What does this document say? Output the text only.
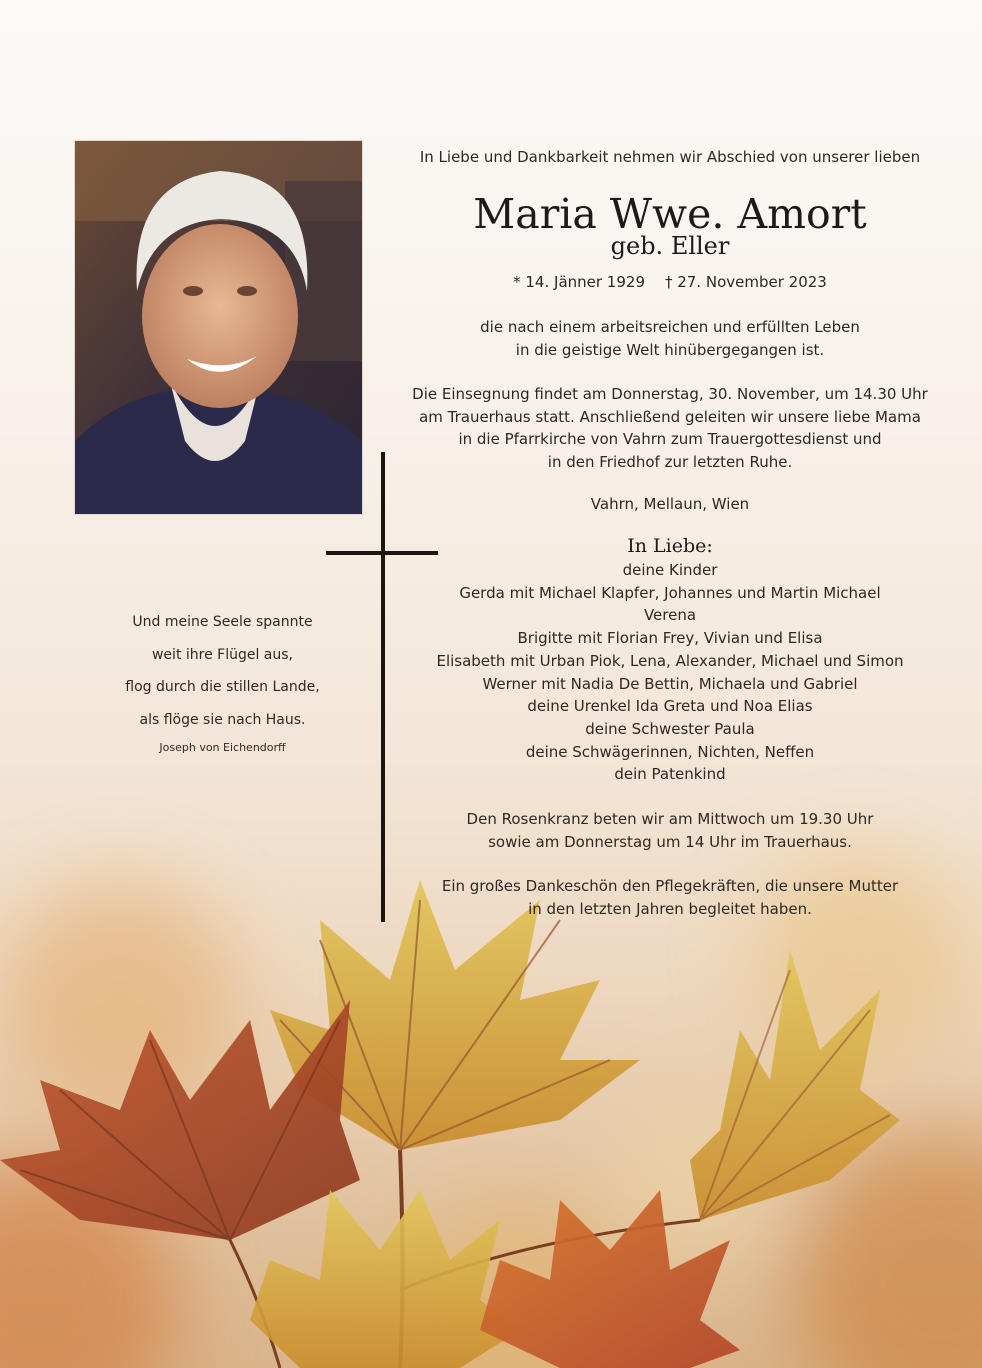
Und meine Seele spannte
weit ihre Flügel aus,
flog durch die stillen Lande,
als flöge sie nach Haus.
Joseph von Eichendorff
In Liebe und Dankbarkeit nehmen wir Abschied von unserer lieben
Maria Wwe. Amort
geb. Eller
* 14. Jänner 1929 † 27. November 2023
die nach einem arbeitsreichen und erfüllten Leben
in die geistige Welt hinübergegangen ist.
Die Einsegnung findet am Donnerstag, 30. November, um 14.30 Uhr
am Trauerhaus statt. Anschließend geleiten wir unsere liebe Mama
in die Pfarrkirche von Vahrn zum Trauergottesdienst und
in den Friedhof zur letzten Ruhe.
Vahrn, Mellaun, Wien
In Liebe:
deine Kinder
Gerda mit Michael Klapfer, Johannes und Martin Michael
Verena
Brigitte mit Florian Frey, Vivian und Elisa
Elisabeth mit Urban Piok, Lena, Alexander, Michael und Simon
Werner mit Nadia De Bettin, Michaela und Gabriel
deine Urenkel Ida Greta und Noa Elias
deine Schwester Paula
deine Schwägerinnen, Nichten, Neffen
dein Patenkind
Den Rosenkranz beten wir am Mittwoch um 19.30 Uhr
sowie am Donnerstag um 14 Uhr im Trauerhaus.
Ein großes Dankeschön den Pflegekräften, die unsere Mutter
in den letzten Jahren begleitet haben.
